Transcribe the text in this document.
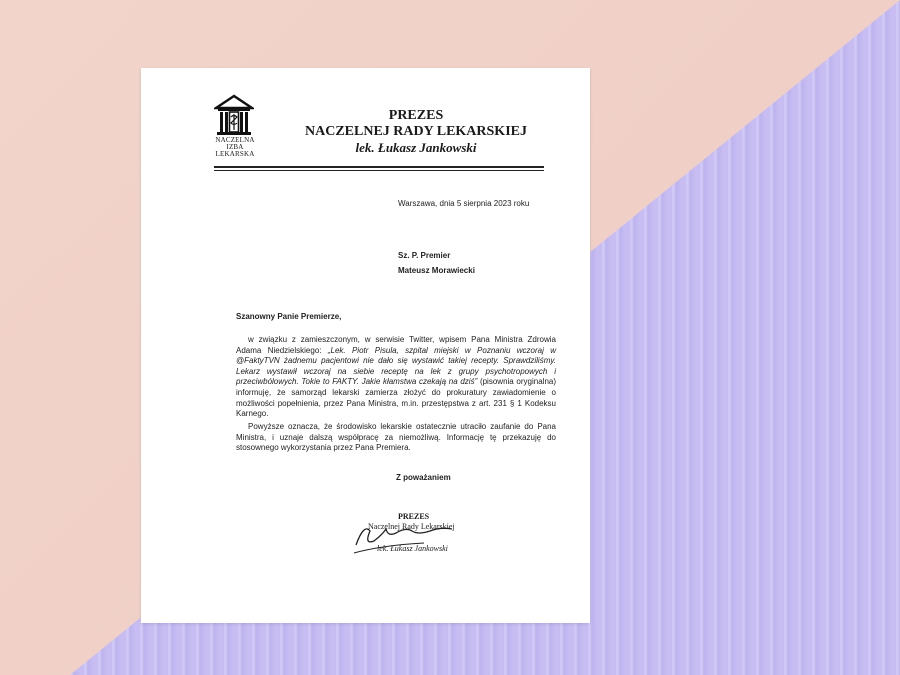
NACZELNA
IZBA LEKARSKA
PREZES
NACZELNEJ RADY LEKARSKIEJ
lek. Łukasz Jankowski
Warszawa, dnia 5 sierpnia 2023 roku
Sz. P. Premier
Mateusz Morawiecki
Szanowny Panie Premierze,
w związku z zamieszczonym, w serwisie Twitter, wpisem Pana Ministra Zdrowia Adama Niedzielskiego: „Lek. Piotr Pisula, szpital miejski w Poznaniu wczoraj w @FaktyTVN żadnemu pacjentowi nie dało się wystawić takiej recepty. Sprawdziliśmy. Lekarz wystawił wczoraj na siebie receptę na lek z grupy psychotropowych i przeciwbólowych. Tokie to FAKTY. Jakie kłamstwa czekają na dziś” (pisownia oryginalna) informuję, że samorząd lekarski zamierza złożyć do prokuratury zawiadomienie o możliwości popełnienia, przez Pana Ministra, m.in. przestępstwa z art. 231 § 1 Kodeksu Karnego.
Powyższe oznacza, że środowisko lekarskie ostatecznie utraciło zaufanie do Pana Ministra, i uznaje dalszą współpracę za niemożliwą. Informację tę przekazuję do stosownego wykorzystania przez Pana Premiera.
Z poważaniem
PREZES
Naczelnej Rady Lekarskiej
lek. Łukasz Jankowski
